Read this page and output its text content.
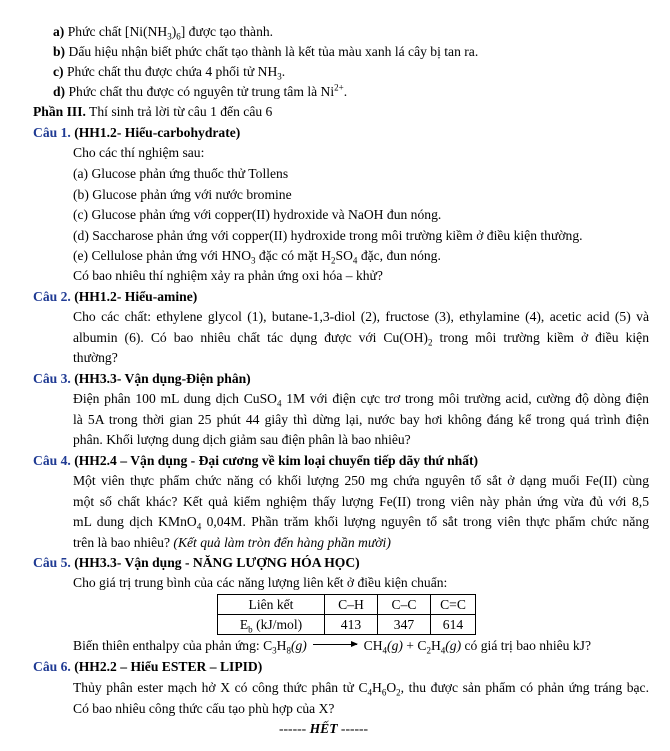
a) Phức chất $[Ni(NH_3)_6]$ được tạo thành.
b) Dấu hiệu nhận biết phức chất tạo thành là kết tủa màu xanh lá cây bị tan ra.
c) Phức chất thu được chứa 4 phối tử $NH_3$.
d) Phức chất thu được có nguyên tử trung tâm là $Ni^{2+}$.
Phần III. Thí sinh trả lời từ câu 1 đến câu 6
Câu 1. (HH1.2- Hiểu-carbohydrate)
Cho các thí nghiệm sau:
(a) Glucose phản ứng thuốc thử Tollens
(b) Glucose phản ứng với nước bromine
(c) Glucose phản ứng với copper(II) hydroxide và NaOH đun nóng.
(d) Saccharose phản ứng với copper(II) hydroxide trong môi trường kiềm ở điều kiện thường.
(e) Cellulose phản ứng với $HNO_3$ đặc có mặt $H_2SO_4$ đặc, đun nóng.
Có bao nhiêu thí nghiệm xảy ra phản ứng oxi hóa – khử?
Câu 2. (HH1.2- Hiểu-amine)
Cho các chất: ethylene glycol (1), butane-1,3-diol (2), fructose (3), ethylamine (4), acetic acid (5) và
albumin (6). Có bao nhiêu chất tác dụng được với $Cu(OH)_2$ trong môi trường kiềm ở điều kiện
thường?
Câu 3. (HH3.3- Vận dụng-Điện phân)
Điện phân 100 mL dung dịch CuSO$_4$ 1M với điện cực trơ trong môi trường acid, cường độ dòng điện
là 5A trong thời gian 25 phút 44 giây thì dừng lại, nước bay hơi không đáng kể trong quá trình điện
phân. Khối lượng dung dịch giảm sau điện phân là bao nhiêu?
Câu 4. (HH2.4 – Vận dụng - Đại cương về kim loại chuyển tiếp dãy thứ nhất)
Một viên thực phẩm chức năng có khối lượng 250 mg chứa nguyên tố sắt ở dạng muối Fe(II) cùng
một số chất khác? Kết quả kiểm nghiệm thấy lượng Fe(II) trong viên này phản ứng vừa đủ với 8,5
mL dung dịch KMnO$_4$ 0,04M. Phần trăm khối lượng nguyên tố sắt trong viên thực phẩm chức năng
trên là bao nhiêu? (Kết quả làm tròn đến hàng phần mười)
Câu 5. (HH3.3- Vận dụng - NĂNG LƯỢNG HÓA HỌC)
Cho giá trị trung bình của các năng lượng liên kết ở điều kiện chuẩn:
Liên kết	C–H	C–C	C=C
$E_b$ (kJ/mol)	413	347	614
Biến thiên enthalpy của phản ứng: $C_3H_8(g) \to CH_4(g) + C_2H_4(g)$ có giá trị bao nhiêu kJ?
Câu 6. (HH2.2 – Hiểu ESTER – LIPID)
Thủy phân ester mạch hở X có công thức phân tử $C_4H_6O_2$, thu được sản phẩm có phản ứng tráng bạc.
Có bao nhiêu công thức cấu tạo phù hợp của X?
------ HẾT ------
